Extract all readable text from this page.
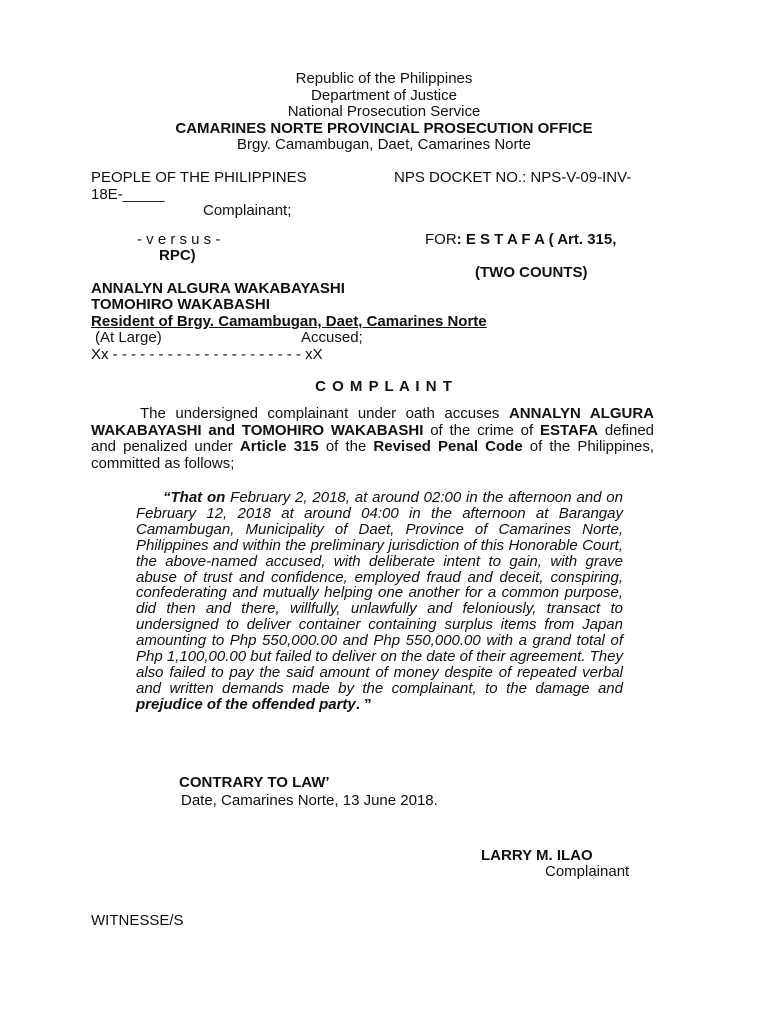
Republic of the Philippines
Department of Justice
National Prosecution Service
CAMARINES NORTE PROVINCIAL PROSECUTION OFFICE
Brgy. Camambugan, Daet, Camarines Norte
PEOPLE OF THE PHILIPPINES	NPS DOCKET NO.: NPS-V-09-INV-
18E-_____
Complainant;
- v e r s u s -	FOR: E S T A F A ( Art. 315,
RPC)
(TWO COUNTS)
ANNALYN ALGURA WAKABAYASHI
TOMOHIRO WAKABASHI
Resident of Brgy. Camambugan, Daet, Camarines Norte
(At Large)	Accused;
Xx - - - - - - - - - - - - - - - - - - - - - xX
C O M P L A I N T
The undersigned complainant under oath accuses ANNALYN ALGURA WAKABAYASHI and TOMOHIRO WAKABASHI of the crime of ESTAFA defined and penalized under Article 315 of the Revised Penal Code of the Philippines, committed as follows;
“That on February 2, 2018, at around 02:00 in the afternoon and on February 12, 2018 at around 04:00 in the afternoon at Barangay Camambugan, Municipality of Daet, Province of Camarines Norte, Philippines and within the preliminary jurisdiction of this Honorable Court, the above-named accused, with deliberate intent to gain, with grave abuse of trust and confidence, employed fraud and deceit, conspiring, confederating and mutually helping one another for a common purpose, did then and there, willfully, unlawfully and feloniously, transact to undersigned to deliver container containing surplus items from Japan amounting to Php 550,000.00 and Php 550,000.00 with a grand total of Php 1,100,00.00 but failed to deliver on the date of their agreement. They also failed to pay the said amount of money despite of repeated verbal and written demands made by the complainant, to the damage and prejudice of the offended party. ”
CONTRARY TO LAW’
Date, Camarines Norte, 13 June 2018.
LARRY M. ILAO
Complainant
WITNESSE/S
